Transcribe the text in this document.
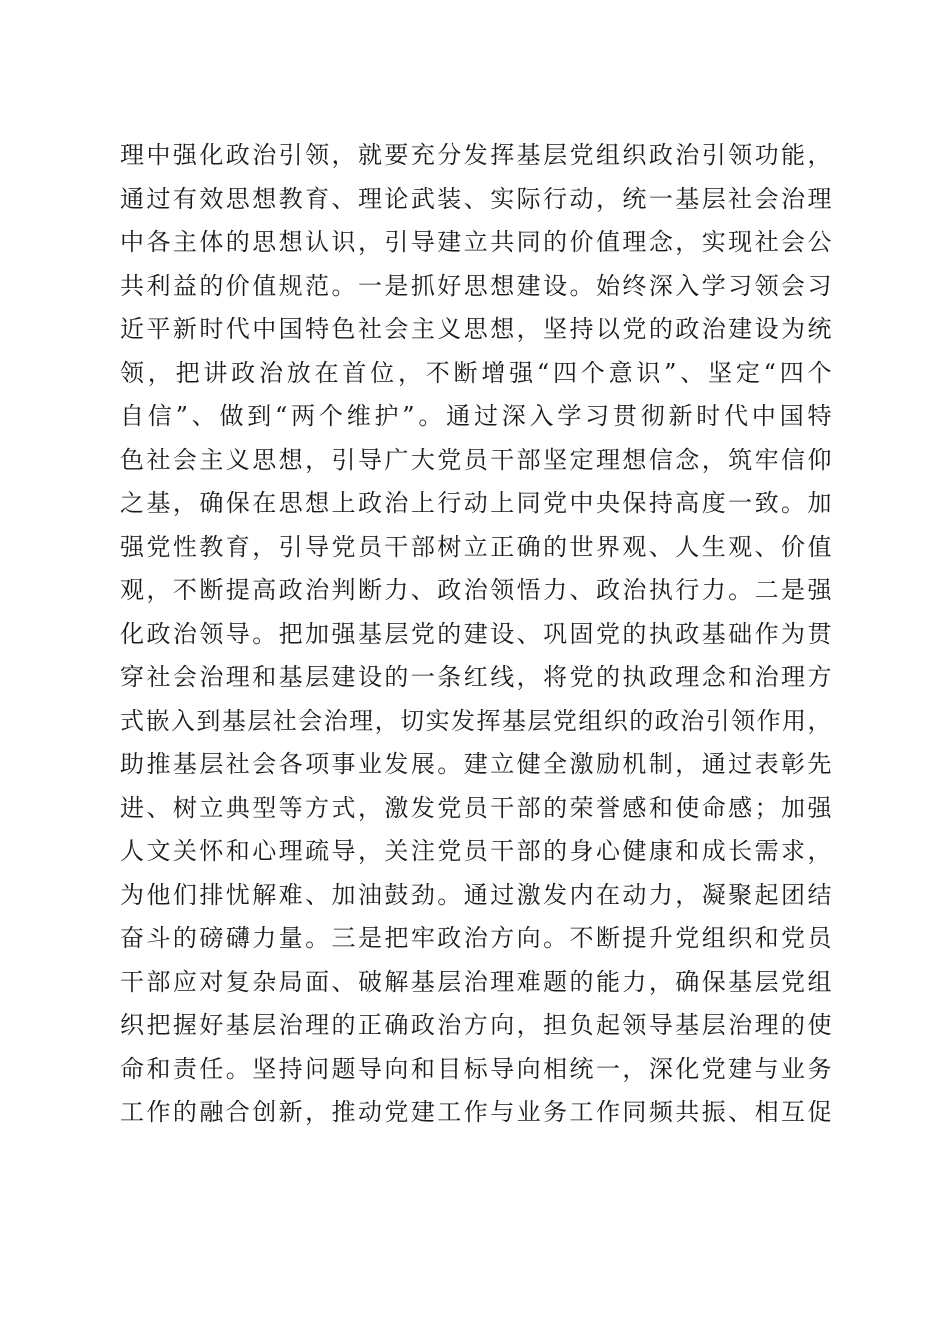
理中强化政治引领，就要充分发挥基层党组织政治引领功能，
通过有效思想教育、理论武装、实际行动，统一基层社会治理
中各主体的思想认识，引导建立共同的价值理念，实现社会公
共利益的价值规范。一是抓好思想建设。始终深入学习领会习
近平新时代中国特色社会主义思想，坚持以党的政治建设为统
领，把讲政治放在首位，不断增强“四个意识”、坚定“四个
自信”、做到“两个维护”。通过深入学习贯彻新时代中国特
色社会主义思想，引导广大党员干部坚定理想信念，筑牢信仰
之基，确保在思想上政治上行动上同党中央保持高度一致。加
强党性教育，引导党员干部树立正确的世界观、人生观、价值
观，不断提高政治判断力、政治领悟力、政治执行力。二是强
化政治领导。把加强基层党的建设、巩固党的执政基础作为贯
穿社会治理和基层建设的一条红线，将党的执政理念和治理方
式嵌入到基层社会治理，切实发挥基层党组织的政治引领作用，
助推基层社会各项事业发展。建立健全激励机制，通过表彰先
进、树立典型等方式，激发党员干部的荣誉感和使命感；加强
人文关怀和心理疏导，关注党员干部的身心健康和成长需求，
为他们排忧解难、加油鼓劲。通过激发内在动力，凝聚起团结
奋斗的磅礴力量。三是把牢政治方向。不断提升党组织和党员
干部应对复杂局面、破解基层治理难题的能力，确保基层党组
织把握好基层治理的正确政治方向，担负起领导基层治理的使
命和责任。坚持问题导向和目标导向相统一，深化党建与业务
工作的融合创新，推动党建工作与业务工作同频共振、相互促
